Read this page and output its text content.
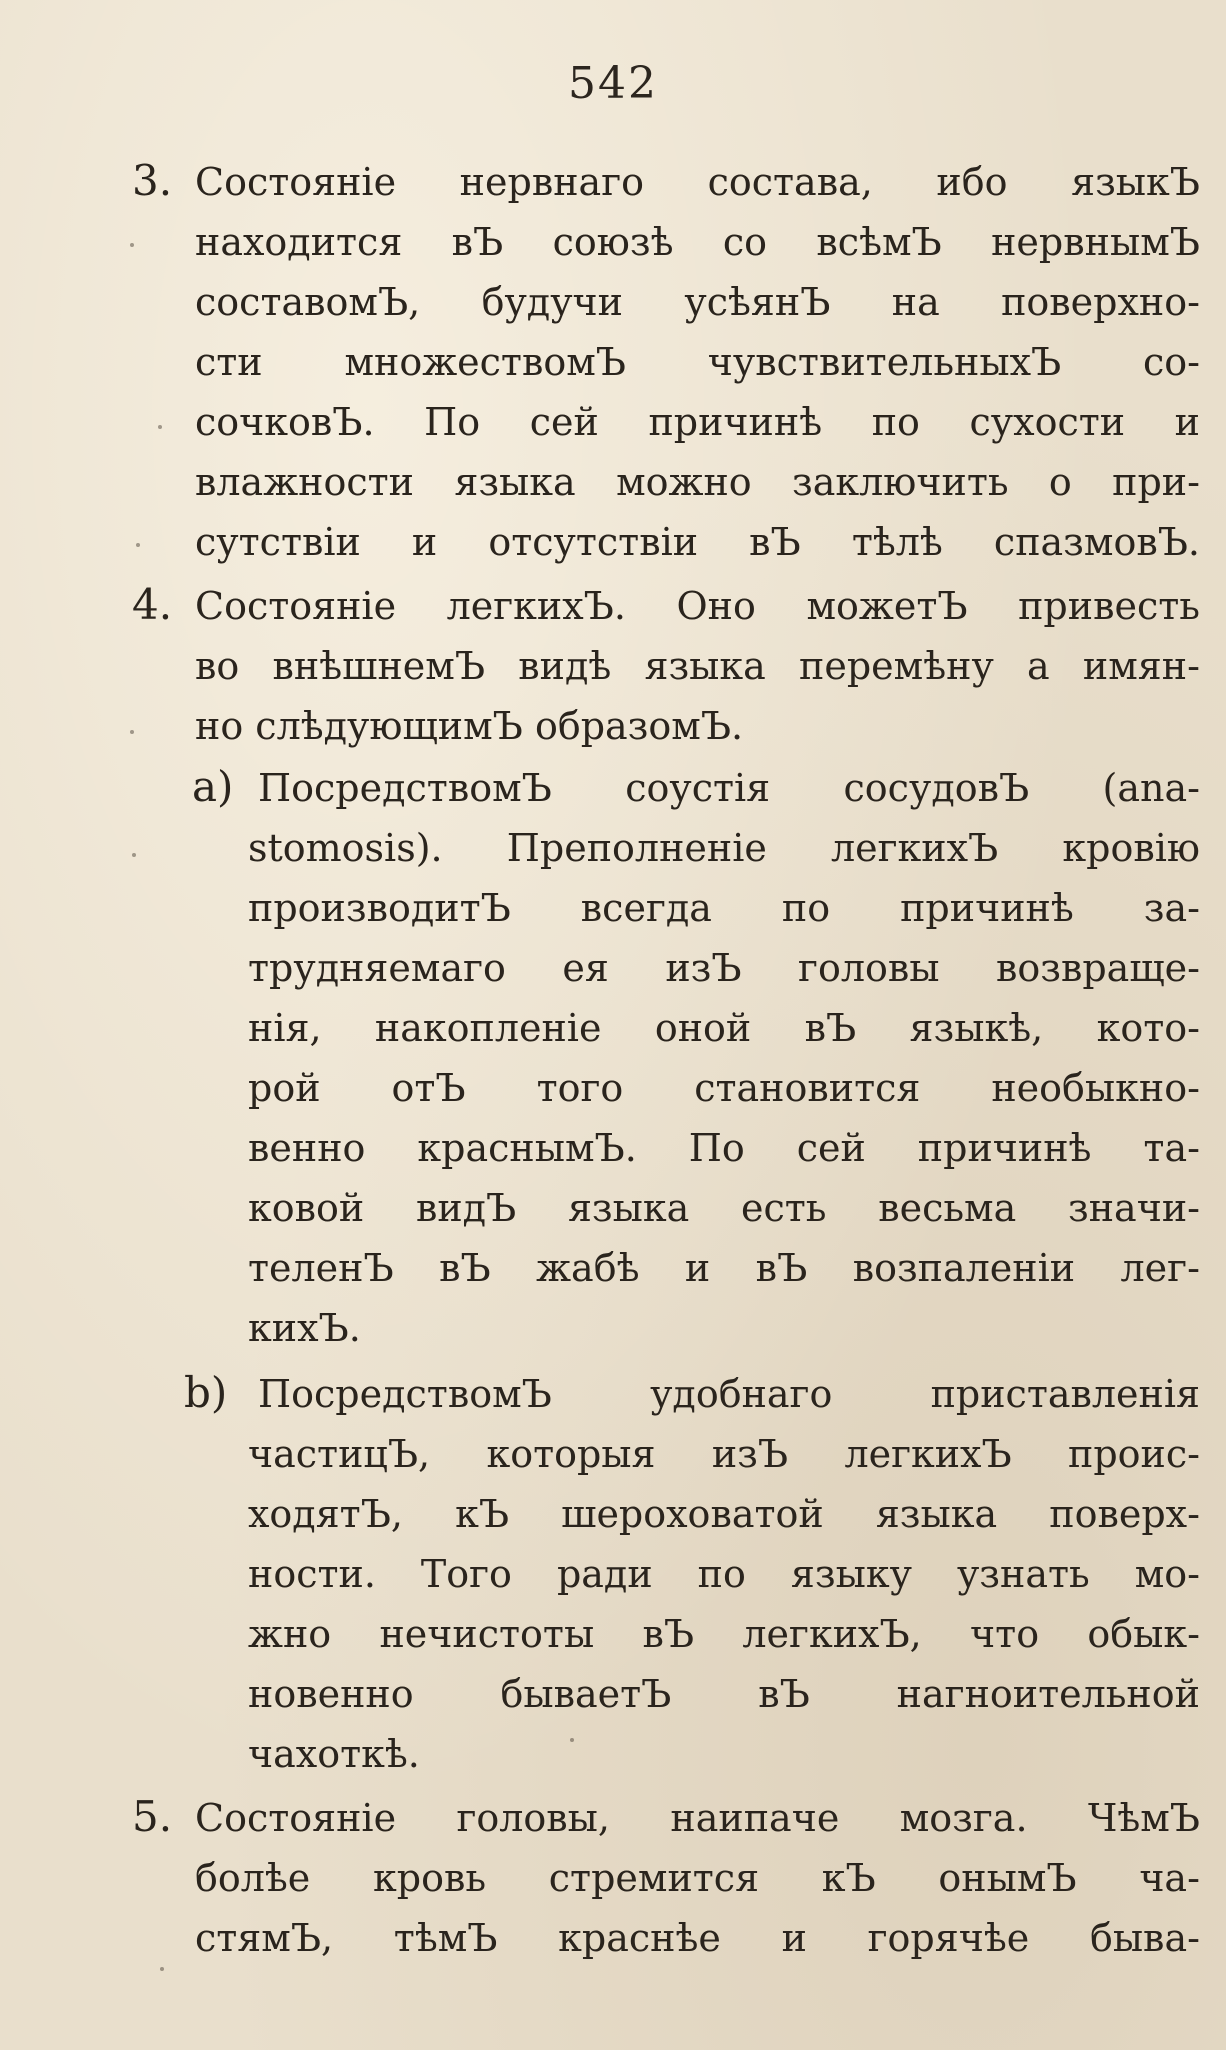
542
3. Состоянiе нервнаго состава, ибо языкЪ
находится вЪ союзѣ со всѣмЪ нервнымЪ
составомЪ, будучи усѣянЪ на поверхно-
сти множествомЪ чувствительныхЪ со-
сочковЪ. По сей причинѣ по сухости и
влажности языка можно заключить о при-
сутствiи и отсутствiи вЪ тѣлѣ спазмовЪ.
4. Состоянiе легкихЪ. Оно можетЪ привесть
во внѣшнемЪ видѣ языка перемѣну а имян-
но слѣдующимЪ образомЪ.
a) ПосредствомЪ соустiя сосудовЪ (ana-
stomosis). Преполненiе легкихЪ кровiю
производитЪ всегда по причинѣ за-
трудняемаго ея изЪ головы возвраще-
нiя, накопленiе оной вЪ языкѣ, кото-
рой отЪ того становится необыкно-
венно краснымЪ. По сей причинѣ та-
ковой видЪ языка есть весьма значи-
теленЪ вЪ жабѣ и вЪ возпаленiи лег-
кихЪ.
b) ПосредствомЪ	удобнаго	приставленiя
частицЪ, которыя изЪ легкихЪ проис-
ходятЪ, кЪ шероховатой языка поверх-
ности. Того ради по языку узнать мо-
жно нечистоты вЪ легкихЪ, что обык-
новенно бываетЪ вЪ нагноительной
чахоткѣ.
5. Состоянiе головы, наипаче мозга. ЧѣмЪ
болѣе кровь стремится кЪ онымЪ ча-
стямЪ, тѣмЪ краснѣе и горячѣе быва-
